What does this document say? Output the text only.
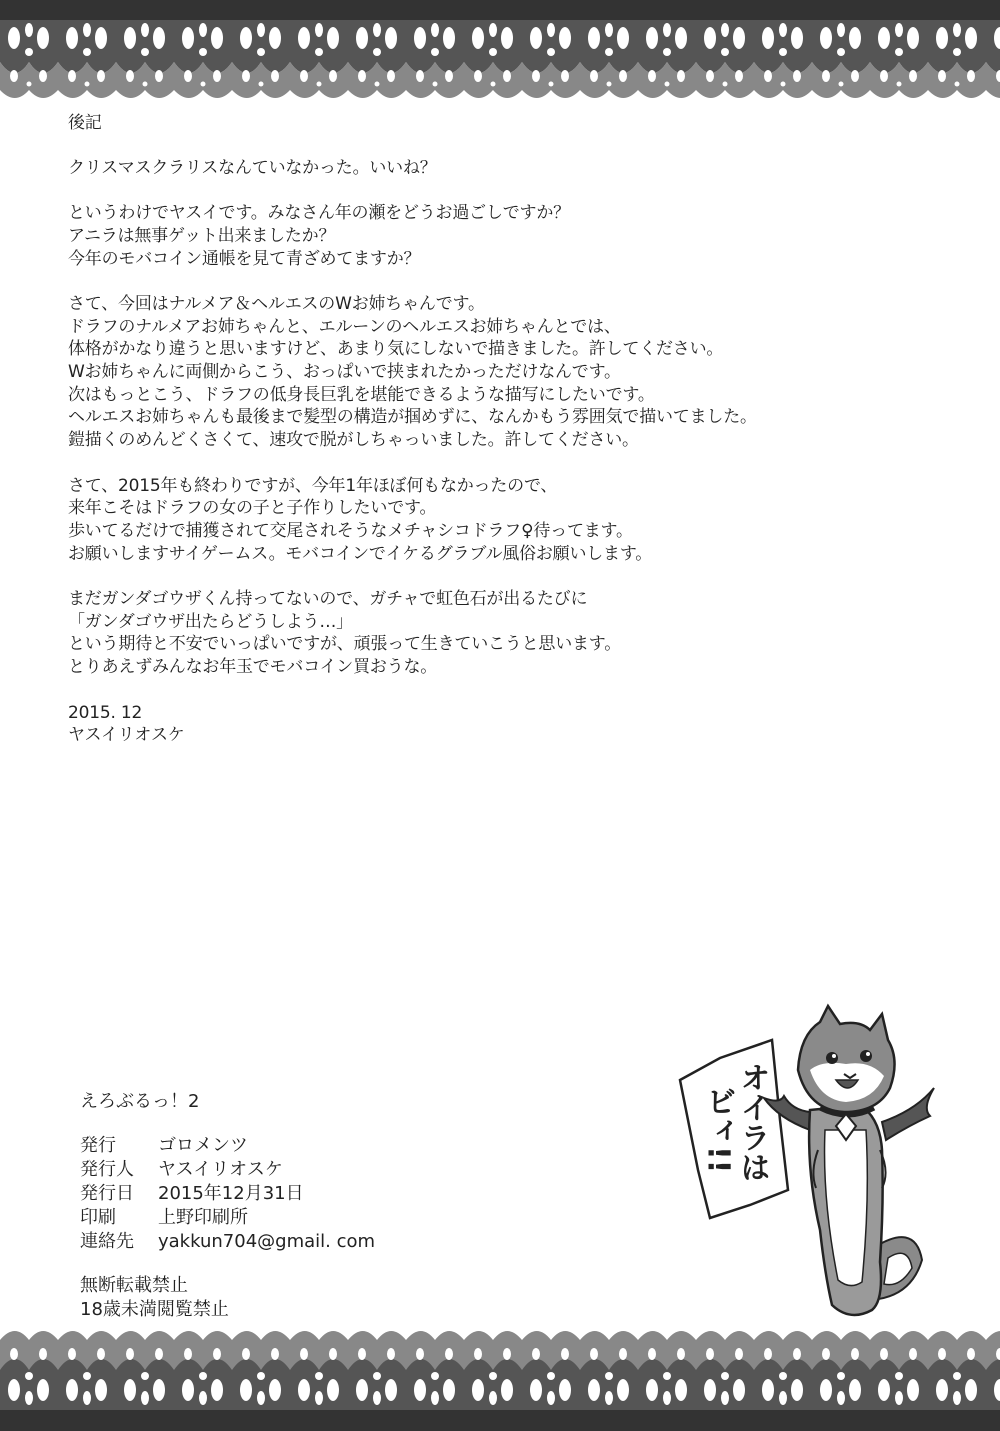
後記

クリスマスクラリスなんていなかった。いいね？

というわけでヤスイです。みなさん年の瀬をどうお過ごしですか？
アニラは無事ゲット出来ましたか？
今年のモバコイン通帳を見て青ざめてますか？

さて、今回はナルメア＆ヘルエスのWお姉ちゃんです。
ドラフのナルメアお姉ちゃんと、エルーンのヘルエスお姉ちゃんとでは、
体格がかなり違うと思いますけど、あまり気にしないで描きました。許してください。
Wお姉ちゃんに両側からこう、おっぱいで挟まれたかっただけなんです。
次はもっとこう、ドラフの低身長巨乳を堪能できるような描写にしたいです。
ヘルエスお姉ちゃんも最後まで髪型の構造が掴めずに、なんかもう雰囲気で描いてました。
鎧描くのめんどくさくて、速攻で脱がしちゃっいました。許してください。

さて、2015年も終わりですが、今年1年ほぼ何もなかったので、
来年こそはドラフの女の子と子作りしたいです。
歩いてるだけで捕獲されて交尾されそうなメチャシコドラフ♀待ってます。
お願いしますサイゲームス。モバコインでイケるグラブル風俗お願いします。

まだガンダゴウザくん持ってないので、ガチャで虹色石が出るたびに
「ガンダゴウザ出たらどうしよう…」
という期待と不安でいっぱいですが、頑張って生きていこうと思います。
とりあえずみんなお年玉でモバコイン買おうな。

2015. 12
ヤスイリオスケ
えろぶるっ！2
発行	ゴロメンツ
発行人	ヤスイリオスケ
発行日	2015年12月31日
印刷	上野印刷所
連絡先	yakkun704@gmail. com
無断転載禁止
18歳未満閲覧禁止
オイラは
ビィ!!
